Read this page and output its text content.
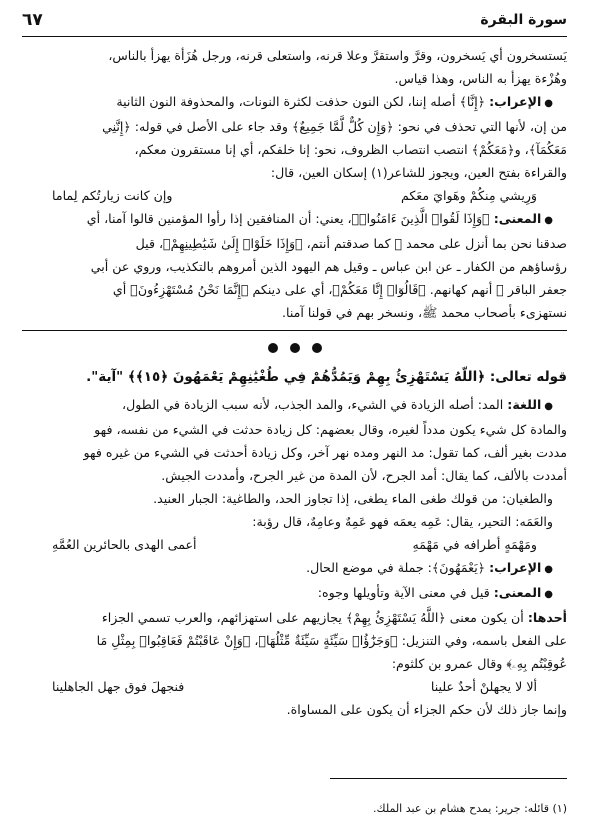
سورة البقرة
٦٧
يَستسخرون أي يَسخرون، وقرَّ واستقرَّ وعلا قرنه، واستعلى قرنه، ورجل هُزَأة يهزأ بالناس،
وهُزْءة يهزأ به الناس، وهذا قياس.
●الإعراب: ﴿إِنَّا﴾ أصله إننا، لكن النون حذفت لكثرة النونات، والمحذوفة النون الثانية
من إن، لأنها التي تحذف في نحو: ﴿وَإِن كُلٌّ لَّمَّا جَمِيعٌ﴾ وقد جاء على الأصل في قوله: ﴿إِنَّنِي
مَعَكُمَآ﴾، و﴿مَعَكُمْ﴾ انتصب انتصاب الظروف، نحو: إنا خلفكم، أي إنا مستقرون معكم،
والقراءة بفتح العين، ويجوز للشاعر(١) إسكان العين، قال:
وَرِيشي مِنكُمْ وهَوايَ معَكم
وإن كانت زيارتُكم لِماما
●المعنى: ﴿وَإِذَا لَقُوا۟ الَّذِينَ ءَامَنُوا۟﴾، يعني: أن المنافقين إذا رأوا المؤمنين قالوا آمنا، أي
صدقنا نحن بما أنزل على محمد ﷺ كما صدقتم أنتم، ﴿وَإِذَا خَلَوْا۟ إِلَىٰ شَيَٰطِينِهِمْ﴾، قيل
رؤساؤهم من الكفار ـ عن ابن عباس ـ وقيل هم اليهود الذين أمروهم بالتكذيب، وروي عن أبي
جعفر الباقر ؏ أنهم كهانهم. ﴿قَالُوٓا۟ إِنَّا مَعَكُمْ﴾، أي على دينكم ﴿إِنَّمَا نَحْنُ مُسْتَهْزِءُونَ﴾ أي
نستهزىء بأصحاب محمد ﷺ، ونسخر بهم في قولنا آمنا.
قوله تعالى: ﴿اللَّهُ يَسْتَهْزِئُ بِهِمْ وَيَمُدُّهُمْ فِي طُغْيَٰنِهِمْ يَعْمَهُونَ ﴿١٥﴾﴾ "آية".
●اللغة: المد: أصله الزيادة في الشيء، والمد الجذب، لأنه سبب الزيادة في الطول،
والمادة كل شيء يكون مدداً لغيره، وقال بعضهم: كل زيادة حدثت في الشيء من نفسه، فهو
مددت بغير ألف، كما تقول: مد النهر ومده نهر آخر، وكل زيادة أحدثت في الشيء من غيره فهو
أمددت بالألف، كما يقال: أمد الجرح، لأن المدة من غير الجرح، وأمددت الجيش.
والطغيان: من قولك طغى الماء يطغى، إذا تجاوز الحد، والطاغية: الجبار العنيد.
والعَمَه: التحير، يقال: عَمِه يعمَه فهو عَمِهٌ وعامِهٌ، قال رؤبة:
ومَهْمَهٍ أطرافه في مَهْمَهِ
أعمى الهدى بالحائرين العُمَّهِ
●الإعراب: ﴿يَعْمَهُونَ﴾: جملة في موضع الحال.
●المعنى: قيل في معنى الآية وتأويلها وجوه:
أحدها: أن يكون معنى ﴿اللَّهُ يَسْتَهْزِئُ بِهِمْ﴾ يجازيهم على استهزائهم، والعرب تسمي الجزاء
على الفعل باسمه، وفي التنزيل: ﴿وَجَزَٰٓؤُا۟ سَيِّئَةٍ سَيِّئَةٌ مِّثْلُهَا﴾، ﴿وَإِنْ عَاقَبْتُمْ فَعَاقِبُوا۟ بِمِثْلِ مَا
عُوقِبْتُم بِهِۦ﴾ وقال عمرو بن كلثوم:
ألا لا يجهلنْ أحدٌ علينا
فنجهلَ فوق جهل الجاهلينا
وإنما جاز ذلك لأن حكم الجزاء أن يكون على المساواة.
(١) قائله: جرير: يمدح هشام بن عبد الملك.
